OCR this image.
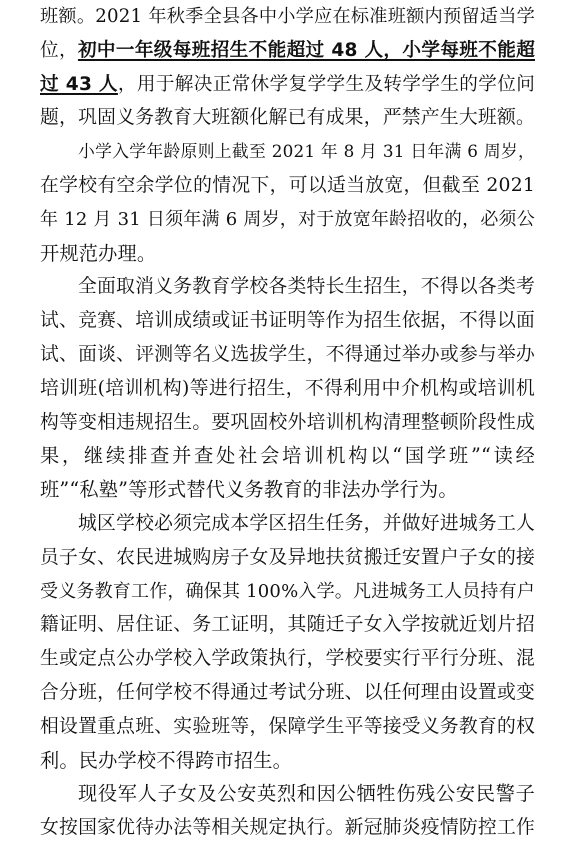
班额。2021 年秋季全县各中小学应在标准班额内预留适当学
位，初中一年级每班招生不能超过 48 人，小学每班不能超
过 43 人，用于解决正常休学复学学生及转学学生的学位问
题，巩固义务教育大班额化解已有成果，严禁产生大班额。
小学入学年龄原则上截至 2021 年 8 月 31 日年满 6 周岁，
在学校有空余学位的情况下，可以适当放宽，但截至 2021
年 12 月 31 日须年满 6 周岁，对于放宽年龄招收的，必须公
开规范办理。
全面取消义务教育学校各类特长生招生，不得以各类考
试、竞赛、培训成绩或证书证明等作为招生依据，不得以面
试、面谈、评测等名义选拔学生，不得通过举办或参与举办
培训班(培训机构)等进行招生，不得利用中介机构或培训机
构等变相违规招生。要巩固校外培训机构清理整顿阶段性成
果，继续排查并查处社会培训机构以“国学班”“读经
班”“私塾”等形式替代义务教育的非法办学行为。
城区学校必须完成本学区招生任务，并做好进城务工人
员子女、农民进城购房子女及异地扶贫搬迁安置户子女的接
受义务教育工作，确保其 100%入学。凡进城务工人员持有户
籍证明、居住证、务工证明，其随迁子女入学按就近划片招
生或定点公办学校入学政策执行，学校要实行平行分班、混
合分班，任何学校不得通过考试分班、以任何理由设置或变
相设置重点班、实验班等，保障学生平等接受义务教育的权
利。民办学校不得跨市招生。
现役军人子女及公安英烈和因公牺牲伤残公安民警子
女按国家优待办法等相关规定执行。新冠肺炎疫情防控工作
